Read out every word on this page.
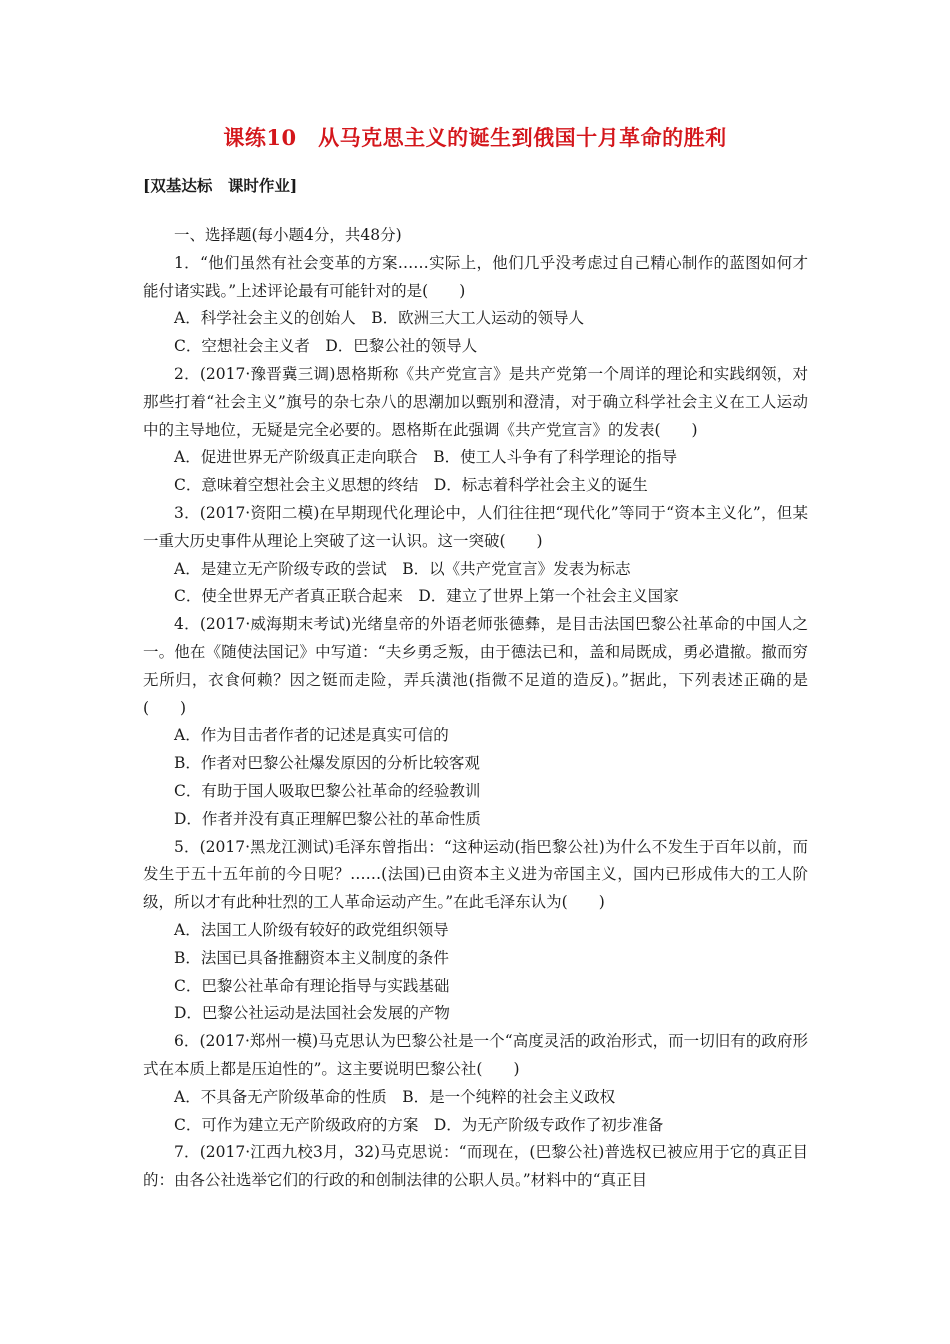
课练10　从马克思主义的诞生到俄国十月革命的胜利
[双基达标　课时作业]

一、选择题(每小题4分，共48分)

1．“他们虽然有社会变革的方案……实际上，他们几乎没考虑过自己精心制作的蓝图如何才能付诸实践。”上述评论最有可能针对的是(　　)

A．科学社会主义的创始人　B．欧洲三大工人运动的领导人

C．空想社会主义者　D．巴黎公社的领导人

2．(2017·豫晋冀三调)恩格斯称《共产党宣言》是共产党第一个周详的理论和实践纲领，对那些打着“社会主义”旗号的杂七杂八的思潮加以甄别和澄清，对于确立科学社会主义在工人运动中的主导地位，无疑是完全必要的。恩格斯在此强调《共产党宣言》的发表(　　)

A．促进世界无产阶级真正走向联合　B．使工人斗争有了科学理论的指导

C．意味着空想社会主义思想的终结　D．标志着科学社会主义的诞生

3．(2017·资阳二模)在早期现代化理论中，人们往往把“现代化”等同于“资本主义化”，但某一重大历史事件从理论上突破了这一认识。这一突破(　　)

A．是建立无产阶级专政的尝试　B．以《共产党宣言》发表为标志

C．使全世界无产者真正联合起来　D．建立了世界上第一个社会主义国家

4．(2017·威海期末考试)光绪皇帝的外语老师张德彝，是目击法国巴黎公社革命的中国人之一。他在《随使法国记》中写道：“夫乡勇乏叛，由于德法已和，盖和局既成，勇必遣撤。撤而穷无所归，衣食何赖？因之铤而走险，弄兵潢池(指微不足道的造反)。”据此，下列表述正确的是(　　)

A．作为目击者作者的记述是真实可信的

B．作者对巴黎公社爆发原因的分析比较客观

C．有助于国人吸取巴黎公社革命的经验教训

D．作者并没有真正理解巴黎公社的革命性质

5．(2017·黑龙江测试)毛泽东曾指出：“这种运动(指巴黎公社)为什么不发生于百年以前，而发生于五十五年前的今日呢？……(法国)已由资本主义进为帝国主义，国内已形成伟大的工人阶级，所以才有此种壮烈的工人革命运动产生。”在此毛泽东认为(　　)

A．法国工人阶级有较好的政党组织领导

B．法国已具备推翻资本主义制度的条件

C．巴黎公社革命有理论指导与实践基础

D．巴黎公社运动是法国社会发展的产物

6．(2017·郑州一模)马克思认为巴黎公社是一个“高度灵活的政治形式，而一切旧有的政府形式在本质上都是压迫性的”。这主要说明巴黎公社(　　)

A．不具备无产阶级革命的性质　B．是一个纯粹的社会主义政权

C．可作为建立无产阶级政府的方案　D．为无产阶级专政作了初步准备

7．(2017·江西九校3月，32)马克思说：“而现在，(巴黎公社)普选权已被应用于它的真正目的：由各公社选举它们的行政的和创制法律的公职人员。”材料中的“真正目
